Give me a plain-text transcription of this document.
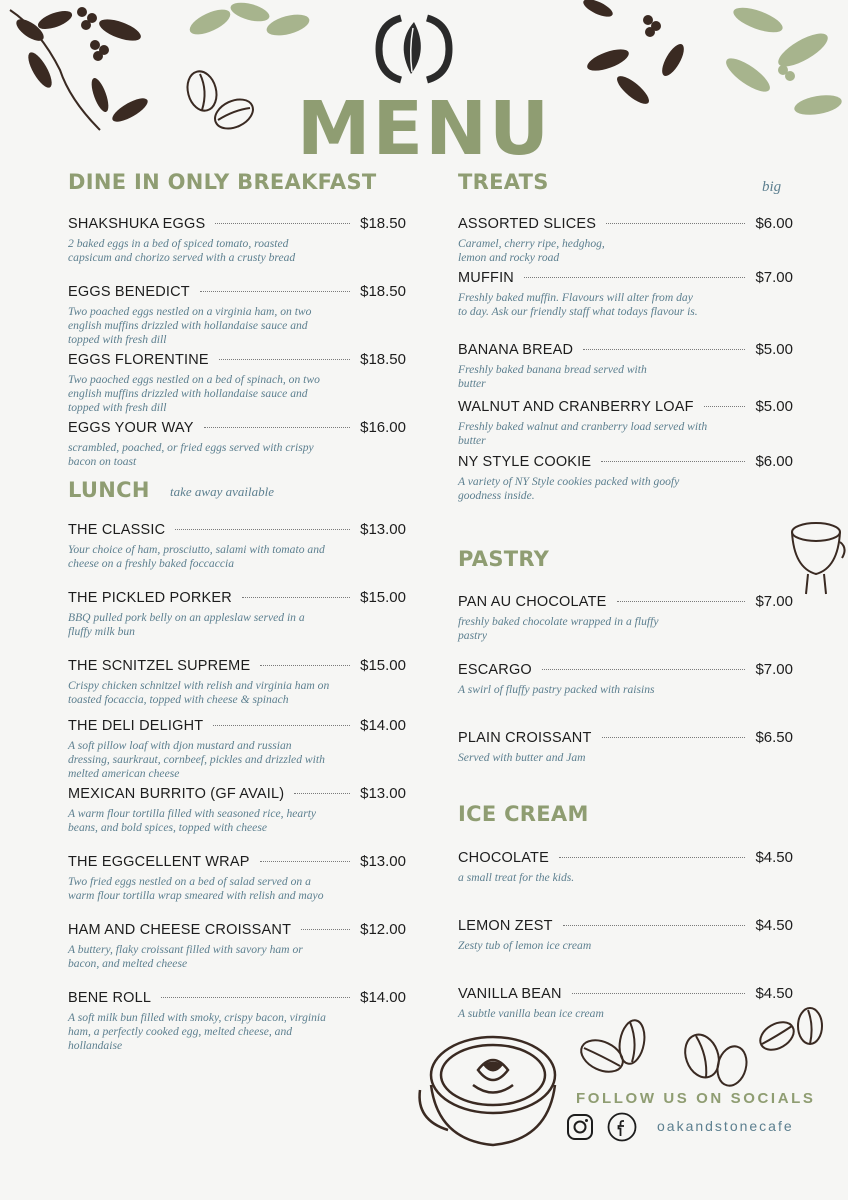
MENU
DINE IN ONLY BREAKFAST
SHAKSHUKA EGGS	$18.50
2 baked eggs in a bed of spiced tomato, roasted capsicum and chorizo served with a crusty bread
EGGS BENEDICT	$18.50
Two poached eggs nestled on a virginia ham, on two english muffins drizzled with hollandaise sauce and topped with fresh dill
EGGS FLORENTINE	$18.50
Two paoched eggs nestled on a bed of spinach, on two english muffins drizzled with hollandaise sauce and topped with fresh dill
EGGS YOUR WAY	$16.00
scrambled, poached, or fried eggs served with crispy bacon on toast
LUNCH take away available
THE CLASSIC	$13.00
Your choice of ham, prosciutto, salami with tomato and cheese on a freshly baked foccaccia
THE PICKLED PORKER	$15.00
BBQ pulled pork belly on an appleslaw served in a fluffy milk bun
THE SCNITZEL SUPREME	$15.00
Crispy chicken schnitzel with relish and virginia ham on toasted focaccia, topped with cheese & spinach
THE DELI DELIGHT	$14.00
A soft pillow loaf with djon mustard and russian dressing, saurkraut, cornbeef, pickles and drizzled with melted american cheese
MEXICAN BURRITO (GF AVAIL)	$13.00
A warm flour tortilla filled with seasoned rice, hearty beans, and bold spices, topped with cheese
THE EGGCELLENT WRAP	$13.00
Two fried eggs nestled on a bed of salad served on a warm flour tortilla wrap smeared with relish and mayo
HAM AND CHEESE CROISSANT	$12.00
A buttery, flaky croissant filled with savory ham or bacon, and melted cheese
BENE ROLL	$14.00
A soft milk bun filled with smoky, crispy bacon, virginia ham, a perfectly cooked egg, melted cheese, and hollandaise
TREATS	big
ASSORTED SLICES	$6.00
Caramel, cherry ripe, hedghog, lemon and rocky road
MUFFIN	$7.00
Freshly baked muffin. Flavours will alter from day to day. Ask our friendly staff what todays flavour is.
BANANA BREAD	$5.00
Freshly baked banana bread served with butter
WALNUT AND CRANBERRY LOAF	$5.00
Freshly baked walnut and cranberry load served with butter
NY STYLE COOKIE	$6.00
A variety of NY Style cookies packed with goofy goodness inside.
PASTRY
PAN AU CHOCOLATE	$7.00
freshly baked chocolate wrapped in a fluffy pastry
ESCARGO	$7.00
A swirl of fluffy pastry packed with raisins
PLAIN CROISSANT	$6.50
Served with butter and Jam
ICE CREAM
CHOCOLATE	$4.50
a small treat for the kids.
LEMON ZEST	$4.50
Zesty tub of lemon ice cream
VANILLA BEAN	$4.50
A subtle vanilla bean ice cream
FOLLOW US ON SOCIALS
oakandstonecafe
